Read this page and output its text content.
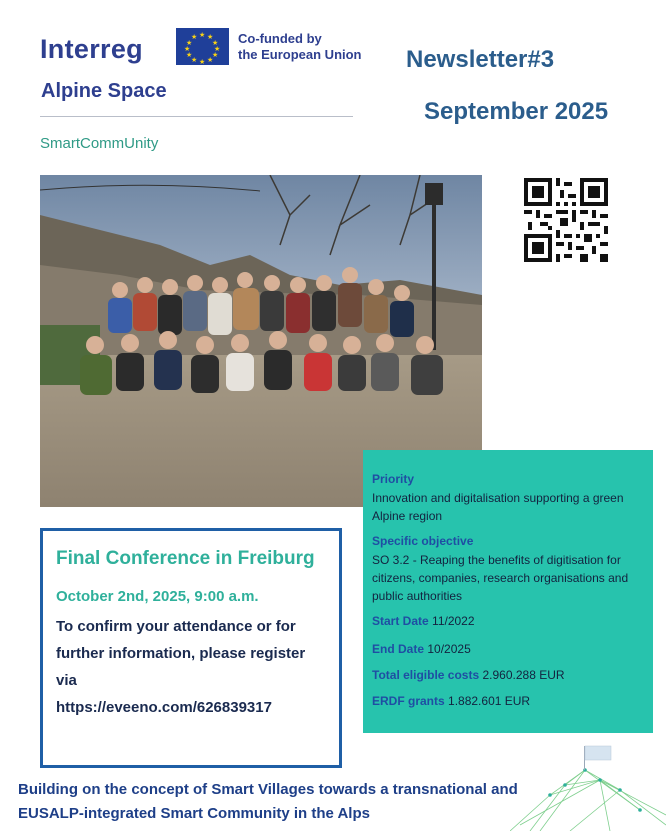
Interreg	★ ★
★
★
★
★
★
★
★
★
★
★	Co-funded by
the European Union
Alpine Space
SmartCommUnity
Newsletter#3
September 2025
Priority
Innovation and digitalisation supporting a green Alpine region
Specific objective
SO 3.2 - Reaping the benefits of digitisation for citizens, companies, research organisations and public authorities
Start Date 11/2022
End Date 10/2025
Total eligible costs 2.960.288 EUR
ERDF grants 1.882.601 EUR
Final Conference in Freiburg
October 2nd, 2025, 9:00 a.m.
To confirm your attendance or for further information, please register via
https://eveeno.com/626839317
Building on the concept of Smart Villages towards a transnational and EUSALP-integrated Smart Community in the Alps
